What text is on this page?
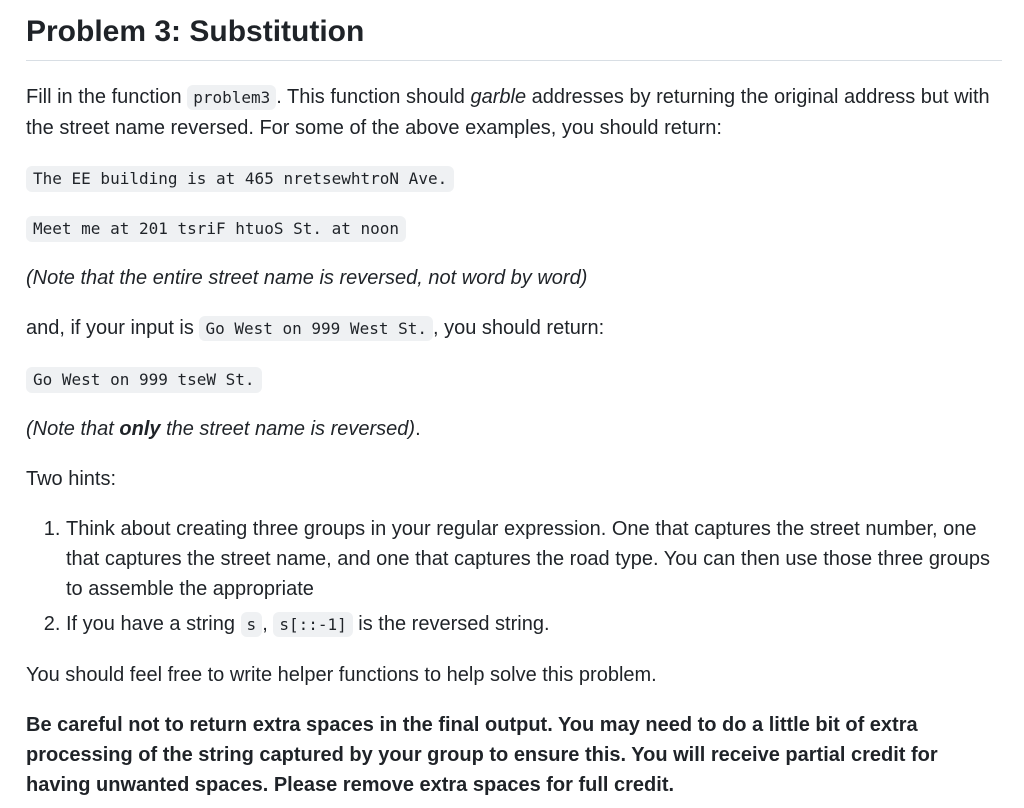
Problem 3: Substitution

Fill in the function problem3 . This function should garble addresses by returning the original address but with the street name reversed. For some of the above examples, you should return:

The EE building is at 465 nretsewhtroN Ave.
Meet me at 201 tsriF htuoS St. at noon

(Note that the entire street name is reversed, not word by word)

and, if your input is Go West on 999 West St. , you should return:

Go West on 999 tseW St.

(Note that only the street name is reversed).

Two hints:

1. Think about creating three groups in your regular expression. One that captures the street number, one that captures the street name, and one that captures the road type. You can then use those three groups to assemble the appropriate
2. If you have a string s , s[::-1] is the reversed string.

You should feel free to write helper functions to help solve this problem.

Be careful not to return extra spaces in the final output. You may need to do a little bit of extra processing of the string captured by your group to ensure this. You will receive partial credit for having unwanted spaces. Please remove extra spaces for full credit.
